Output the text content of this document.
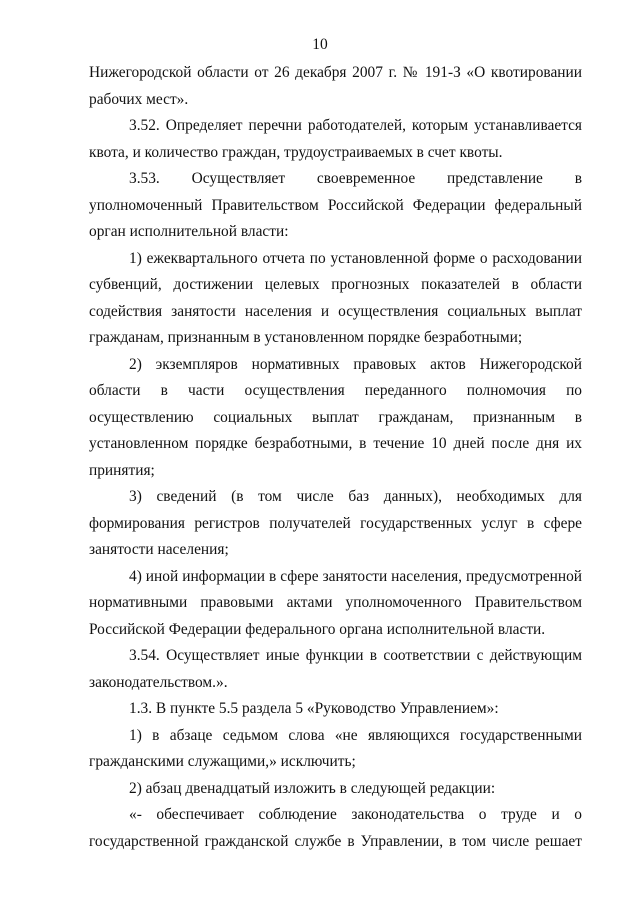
10

Нижегородской области от 26 декабря 2007 г. № 191-З «О квотировании рабочих мест».

3.52. Определяет перечни работодателей, которым устанавливается квота, и количество граждан, трудоустраиваемых в счет квоты.

3.53. Осуществляет своевременное представление в уполномоченный Правительством Российской Федерации федеральный орган исполнительной власти:

1) ежеквартального отчета по установленной форме о расходовании субвенций, достижении целевых прогнозных показателей в области содействия занятости населения и осуществления социальных выплат гражданам, признанным в установленном порядке безработными;

2) экземпляров нормативных правовых актов Нижегородской области в части осуществления переданного полномочия по осуществлению социальных выплат гражданам, признанным в установленном порядке безработными, в течение 10 дней после дня их принятия;

3) сведений (в том числе баз данных), необходимых для формирования регистров получателей государственных услуг в сфере занятости населения;

4) иной информации в сфере занятости населения, предусмотренной нормативными правовыми актами уполномоченного Правительством Российской Федерации федерального органа исполнительной власти.

3.54. Осуществляет иные функции в соответствии с действующим законодательством.».

1.3. В пункте 5.5 раздела 5 «Руководство Управлением»:

1) в абзаце седьмом слова «не являющихся государственными гражданскими служащими,» исключить;

2) абзац двенадцатый изложить в следующей редакции:

«- обеспечивает соблюдение законодательства о труде и о государственной гражданской службе в Управлении, в том числе решает
